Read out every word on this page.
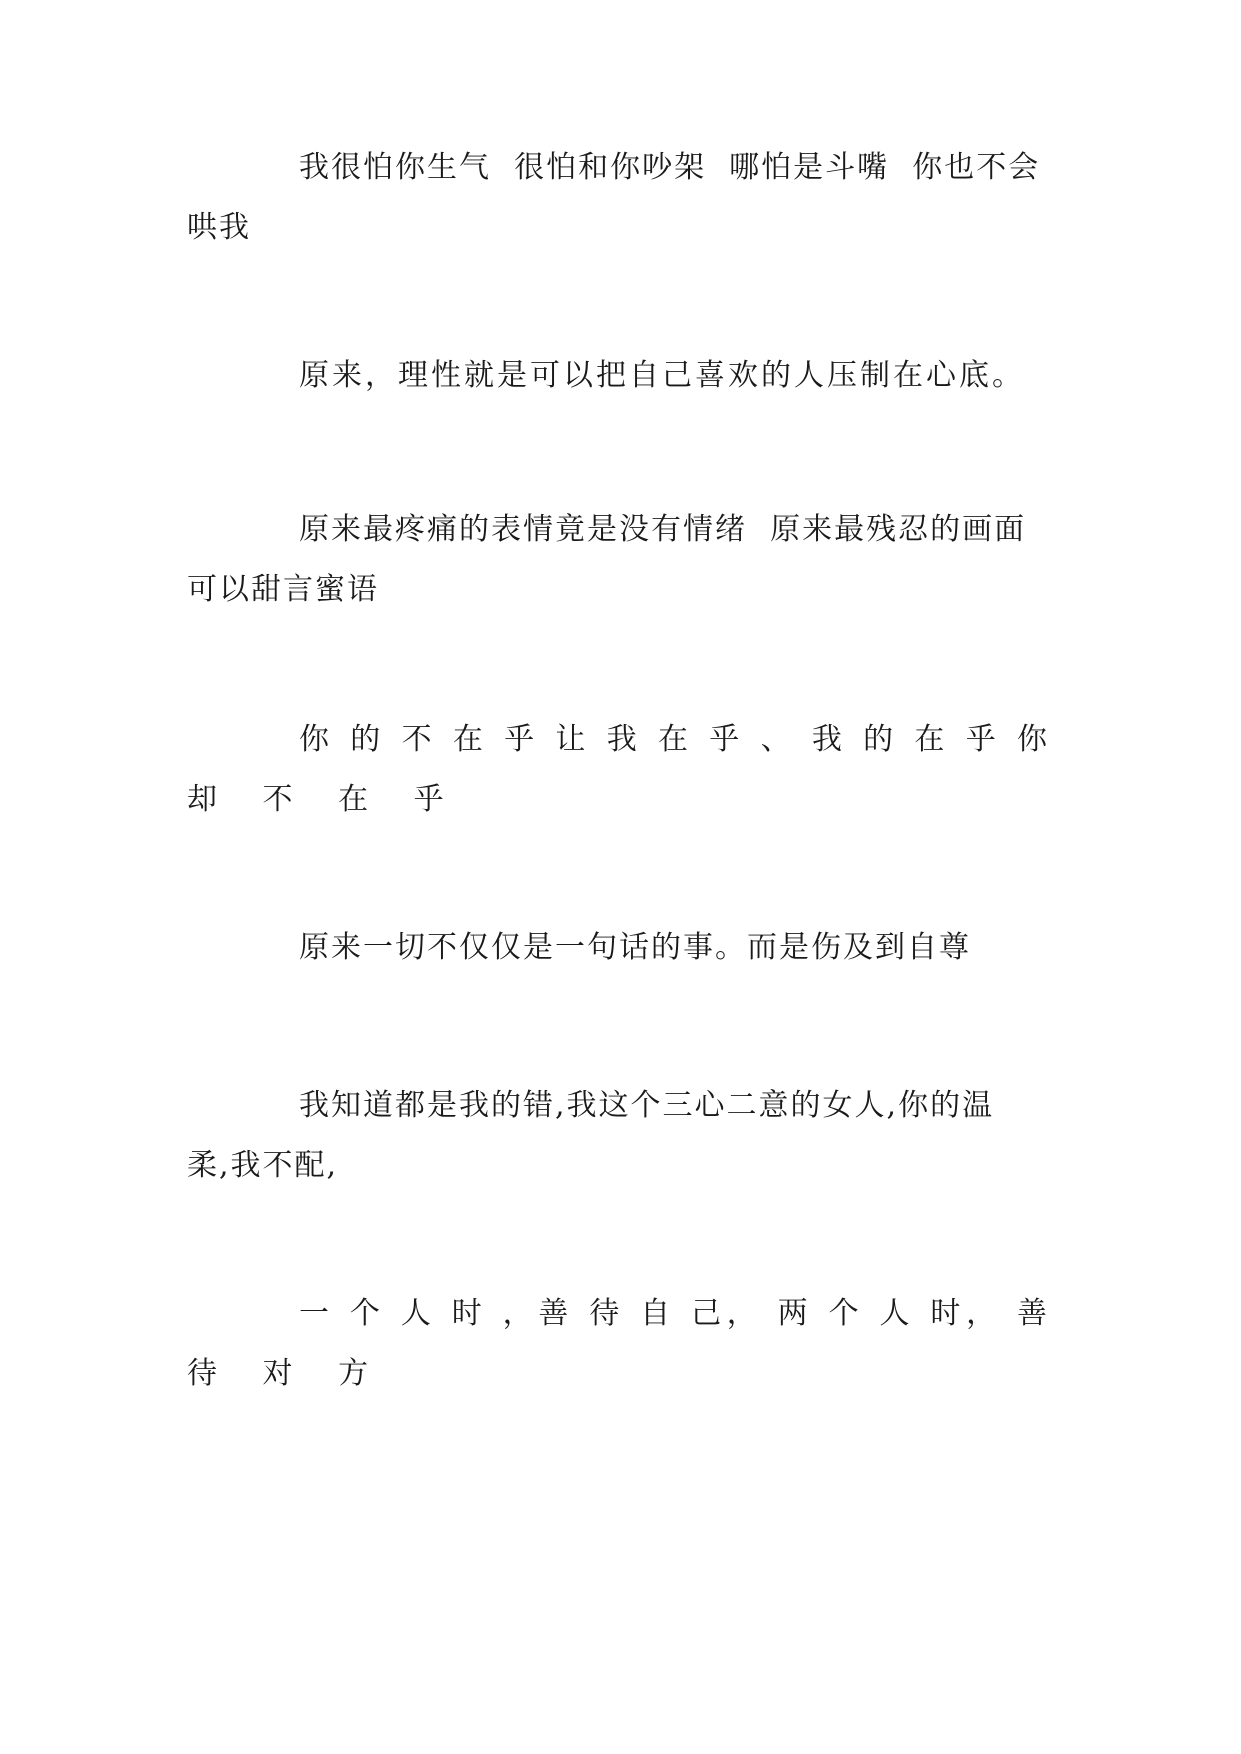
我很怕你生气  很怕和你吵架  哪怕是斗嘴  你也不会
哄我
原来，理性就是可以把自己喜欢的人压制在心底。
原来最疼痛的表情竟是没有情绪  原来最残忍的画面
可以甜言蜜语
你 的 不 在 乎 让 我 在 乎 、 我 的 在 乎 你
却 不 在 乎
原来一切不仅仅是一句话的事。而是伤及到自尊
我知道都是我的错,我这个三心二意的女人,你的温
柔,我不配,
一 个 人 时 ，善 待 自 己， 两 个 人 时， 善
待 对 方
